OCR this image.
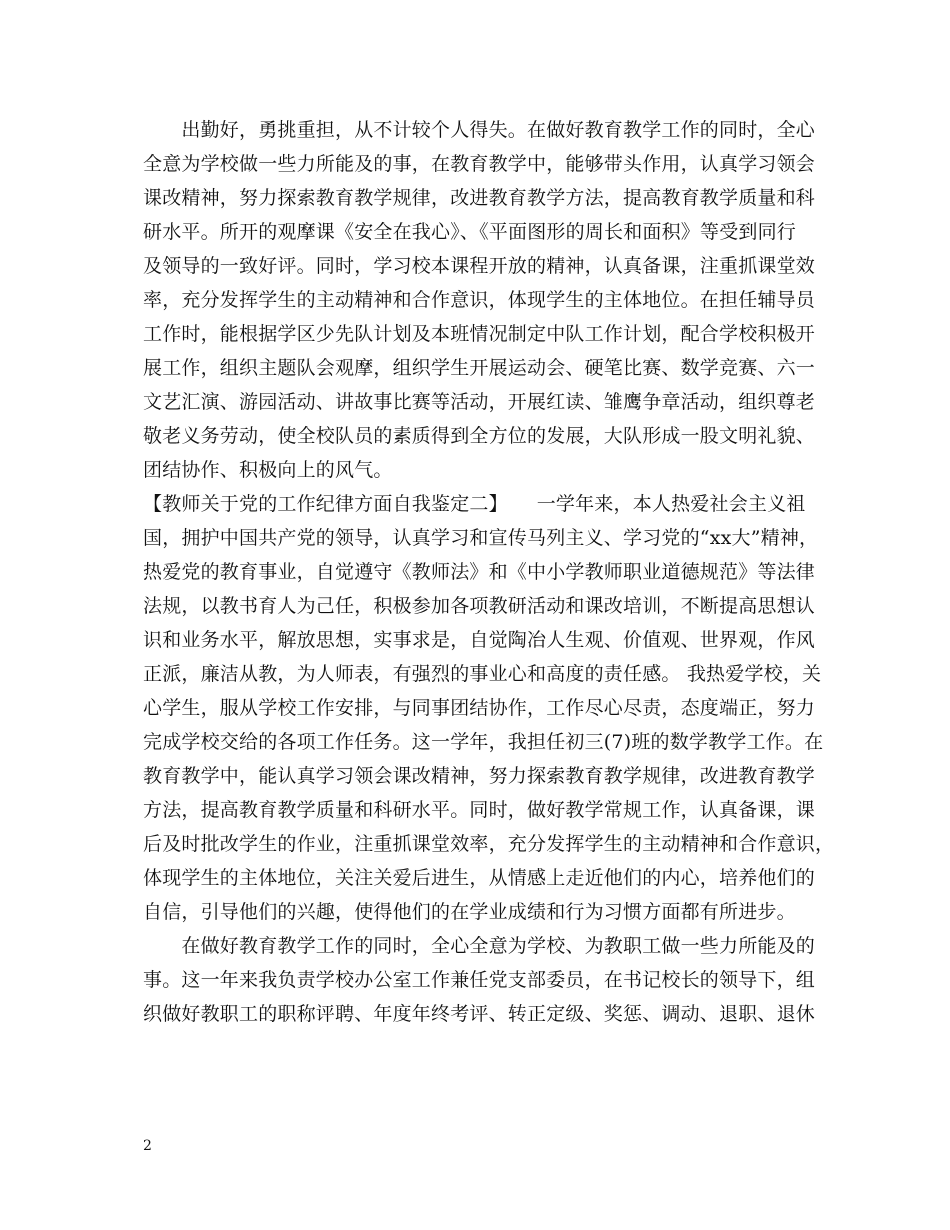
　　出勤好，勇挑重担，从不计较个人得失。在做好教育教学工作的同时，全心
全意为学校做一些力所能及的事，在教育教学中，能够带头作用，认真学习领会
课改精神，努力探索教育教学规律，改进教育教学方法，提高教育教学质量和科
研水平。所开的观摩课《安全在我心》、《平面图形的周长和面积》等受到同行
及领导的一致好评。同时，学习校本课程开放的精神，认真备课，注重抓课堂效
率，充分发挥学生的主动精神和合作意识，体现学生的主体地位。在担任辅导员
工作时，能根据学区少先队计划及本班情况制定中队工作计划，配合学校积极开
展工作，组织主题队会观摩，组织学生开展运动会、硬笔比赛、数学竞赛、六一
文艺汇演、游园活动、讲故事比赛等活动，开展红读、雏鹰争章活动，组织尊老
敬老义务劳动，使全校队员的素质得到全方位的发展，大队形成一股文明礼貌、
团结协作、积极向上的风气。
【教师关于党的工作纪律方面自我鉴定二】　　一学年来，本人热爱社会主义祖
国，拥护中国共产党的领导，认真学习和宣传马列主义、学习党的“xx大”精神，
热爱党的教育事业，自觉遵守《教师法》和《中小学教师职业道德规范》等法律
法规，以教书育人为己任，积极参加各项教研活动和课改培训，不断提高思想认
识和业务水平，解放思想，实事求是，自觉陶冶人生观、价值观、世界观，作风
正派，廉洁从教，为人师表，有强烈的事业心和高度的责任感。 我热爱学校，关
心学生，服从学校工作安排，与同事团结协作，工作尽心尽责，态度端正，努力
完成学校交给的各项工作任务。这一学年，我担任初三(7)班的数学教学工作。在
教育教学中，能认真学习领会课改精神，努力探索教育教学规律，改进教育教学
方法，提高教育教学质量和科研水平。同时，做好教学常规工作，认真备课，课
后及时批改学生的作业，注重抓课堂效率，充分发挥学生的主动精神和合作意识，
体现学生的主体地位，关注关爱后进生，从情感上走近他们的内心，培养他们的
自信，引导他们的兴趣，使得他们的在学业成绩和行为习惯方面都有所进步。
　　在做好教育教学工作的同时，全心全意为学校、为教职工做一些力所能及的
事。这一年来我负责学校办公室工作兼任党支部委员，在书记校长的领导下，组
织做好教职工的职称评聘、年度年终考评、转正定级、奖惩、调动、退职、退休
2
